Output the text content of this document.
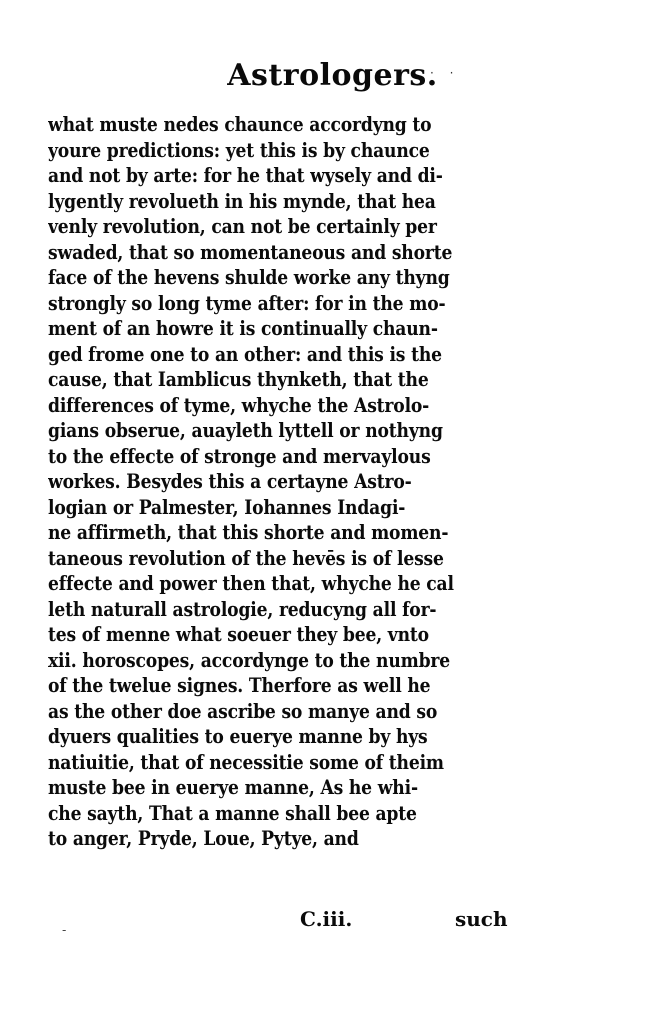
Astrologers.
· ·
what muste nedes chaunce accordyng to
youre predictions: yet this is by chaunce
and not by arte: for he that wysely and di-
lygently revolueth in his mynde, that hea
venly revolution, can not be certainly per
swaded, that so momentaneous and shorte
face of the hevens shulde worke any thyng
strongly so long tyme after: for in the mo-
ment of an howre it is continually chaun-
ged frome one to an other: and this is the
cause, that Iamblicus thynketh, that the
differences of tyme, whyche the Astrolo-
gians obserue, auayleth lyttell or nothyng
to the effecte of stronge and mervaylous
workes. Besydes this a certayne Astro-
logian or Palmester, Iohannes Indagi-
ne affirmeth, that this shorte and momen-
taneous revolution of the hevēs is of lesse
effecte and power then that, whyche he cal
leth naturall astrologie, reducyng all for-
tes of menne what soeuer they bee, vnto
xii. horoscopes, accordynge to the numbre
of the twelue signes. Therfore as well he
as the other doe ascribe so manye and so
dyuers qualities to euerye manne by hys
natiuitie, that of necessitie some of theim
muste bee in euerye manne, As he whi-
che sayth, That a manne shall bee apte
to anger, Pryde, Loue, Pytye, and
-	C.iii.	such
